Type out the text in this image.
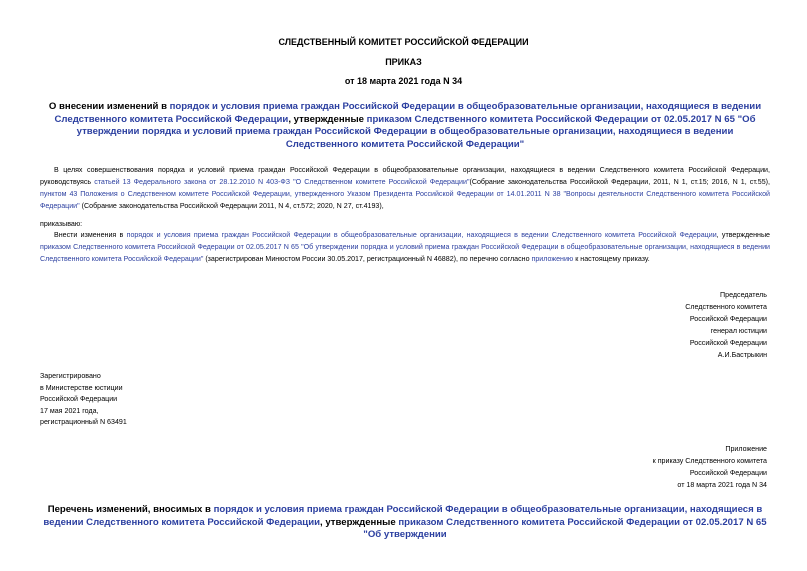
СЛЕДСТВЕННЫЙ КОМИТЕТ РОССИЙСКОЙ ФЕДЕРАЦИИ
ПРИКАЗ
от 18 марта 2021 года N 34
О внесении изменений в порядок и условия приема граждан Российской Федерации в общеобразовательные организации, находящиеся в ведении Следственного комитета Российской Федерации, утвержденные приказом Следственного комитета Российской Федерации от 02.05.2017 N 65 "Об утверждении порядка и условий приема граждан Российской Федерации в общеобразовательные организации, находящиеся в ведении Следственного комитета Российской Федерации"
В целях совершенствования порядка и условий приема граждан Российской Федерации в общеобразовательные организации, находящиеся в ведении Следственного комитета Российской Федерации, руководствуясь статьей 13 Федерального закона от 28.12.2010 N 403-ФЗ "О Следственном комитете Российской Федерации"(Собрание законодательства Российской Федерации, 2011, N 1, ст.15; 2016, N 1, ст.55), пунктом 43 Положения о Следственном комитете Российской Федерации, утвержденного Указом Президента Российской Федерации от 14.01.2011 N 38 "Вопросы деятельности Следственного комитета Российской Федерации" (Собрание законодательства Российской Федерации 2011, N 4, ст.572; 2020, N 27, ст.4193),
приказываю:
Внести изменения в порядок и условия приема граждан Российской Федерации в общеобразовательные организации, находящиеся в ведении Следственного комитета Российской Федерации, утвержденные приказом Следственного комитета Российской Федерации от 02.05.2017 N 65 "Об утверждении порядка и условий приема граждан Российской Федерации в общеобразовательные организации, находящиеся в ведении Следственного комитета Российской Федерации" (зарегистрирован Минюстом России 30.05.2017, регистрационный N 46882), по перечню согласно приложению к настоящему приказу.
Председатель
Следственного комитета
Российской Федерации
генерал юстиции
Российской Федерации
А.И.Бастрыкин
Зарегистрировано
в Министерстве юстиции
Российской Федерации
17 мая 2021 года,
регистрационный N 63491
Приложение
к приказу Следственного комитета
Российской Федерации
от 18 марта 2021 года N 34
Перечень изменений, вносимых в порядок и условия приема граждан Российской Федерации в общеобразовательные организации, находящиеся в ведении Следственного комитета Российской Федерации, утвержденные приказом Следственного комитета Российской Федерации от 02.05.2017 N 65 "Об утверждении
